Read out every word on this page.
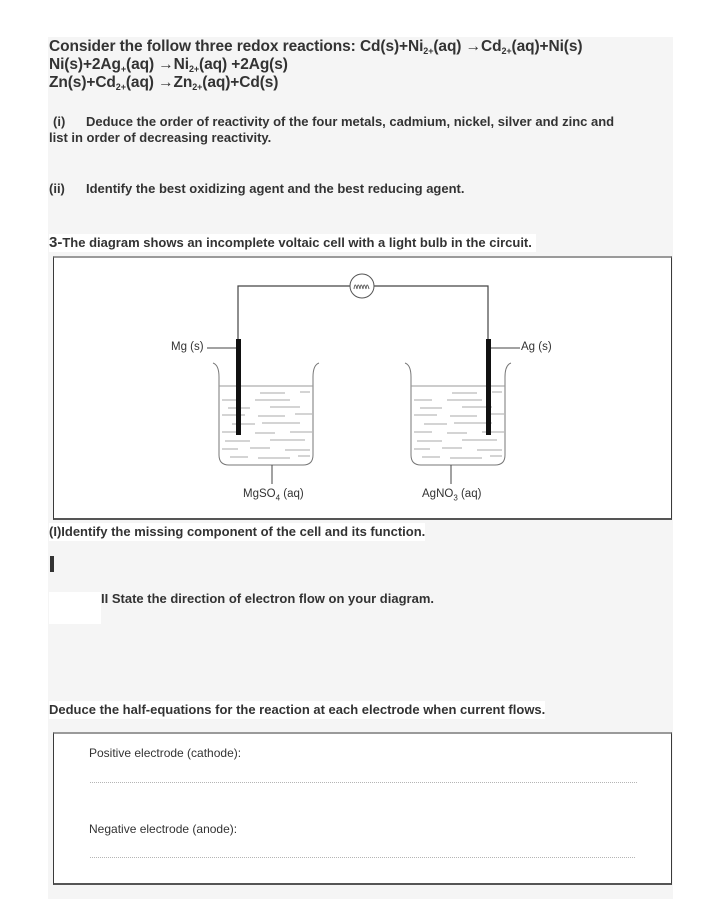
Consider the follow three redox reactions: $Cd(s)+Ni^{2+}(aq) \to Cd^{2+}(aq)+Ni(s)$
$Ni(s)+2Ag^+(aq) \to Ni^{2+}(aq) +2Ag(s)$
$Zn(s)+Cd^{2+}(aq) \to Zn^{2+}(aq)+Cd(s)$
(i) Deduce the order of reactivity of the four metals, cadmium, nickel, silver and zinc and
list in order of decreasing reactivity.
(ii) Identify the best oxidizing agent and the best reducing agent.
3-The diagram shows an incomplete voltaic cell with a light bulb in the circuit.
Mg (s)	Ag (s)
MgSO$_4$ (aq)	AgNO$_3$ (aq)
(I)Identify the missing component of the cell and its function.
II State the direction of electron flow on your diagram.
Deduce the half-equations for the reaction at each electrode when current flows.
Positive electrode (cathode):
Negative electrode (anode):
